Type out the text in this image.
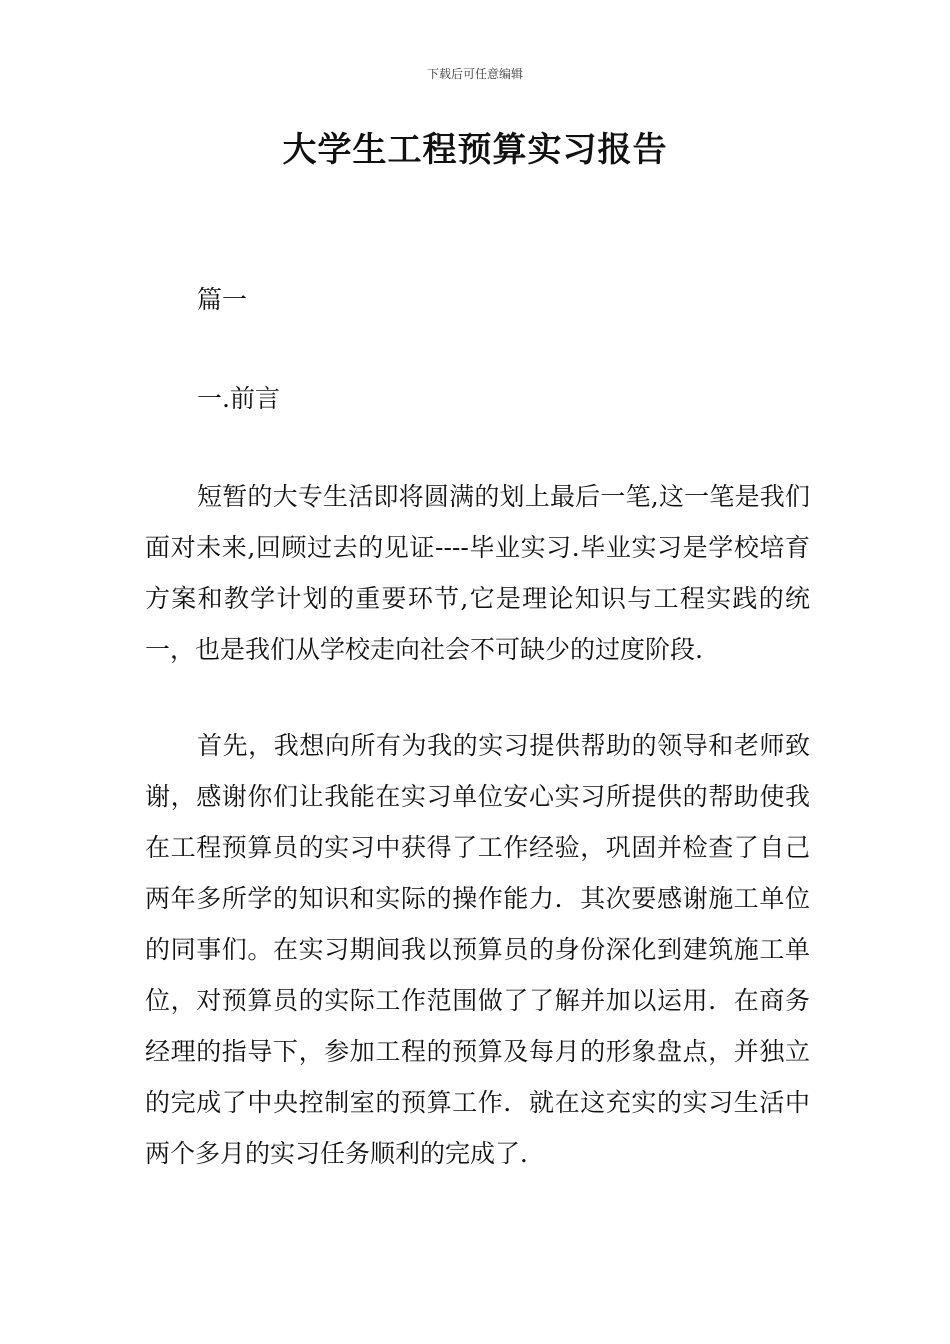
下载后可任意编辑
大学生工程预算实习报告

篇一

一.前言

短暂的大专生活即将圆满的划上最后一笔,这一笔是我们面对未来,回顾过去的见证----毕业实习.毕业实习是学校培育方案和教学计划的重要环节,它是理论知识与工程实践的统一，也是我们从学校走向社会不可缺少的过度阶段.

首先，我想向所有为我的实习提供帮助的领导和老师致谢，感谢你们让我能在实习单位安心实习所提供的帮助使我在工程预算员的实习中获得了工作经验，巩固并检查了自己两年多所学的知识和实际的操作能力．其次要感谢施工单位的同事们。在实习期间我以预算员的身份深化到建筑施工单位，对预算员的实际工作范围做了了解并加以运用．在商务经理的指导下，参加工程的预算及每月的形象盘点，并独立的完成了中央控制室的预算工作．就在这充实的实习生活中两个多月的实习任务顺利的完成了．
